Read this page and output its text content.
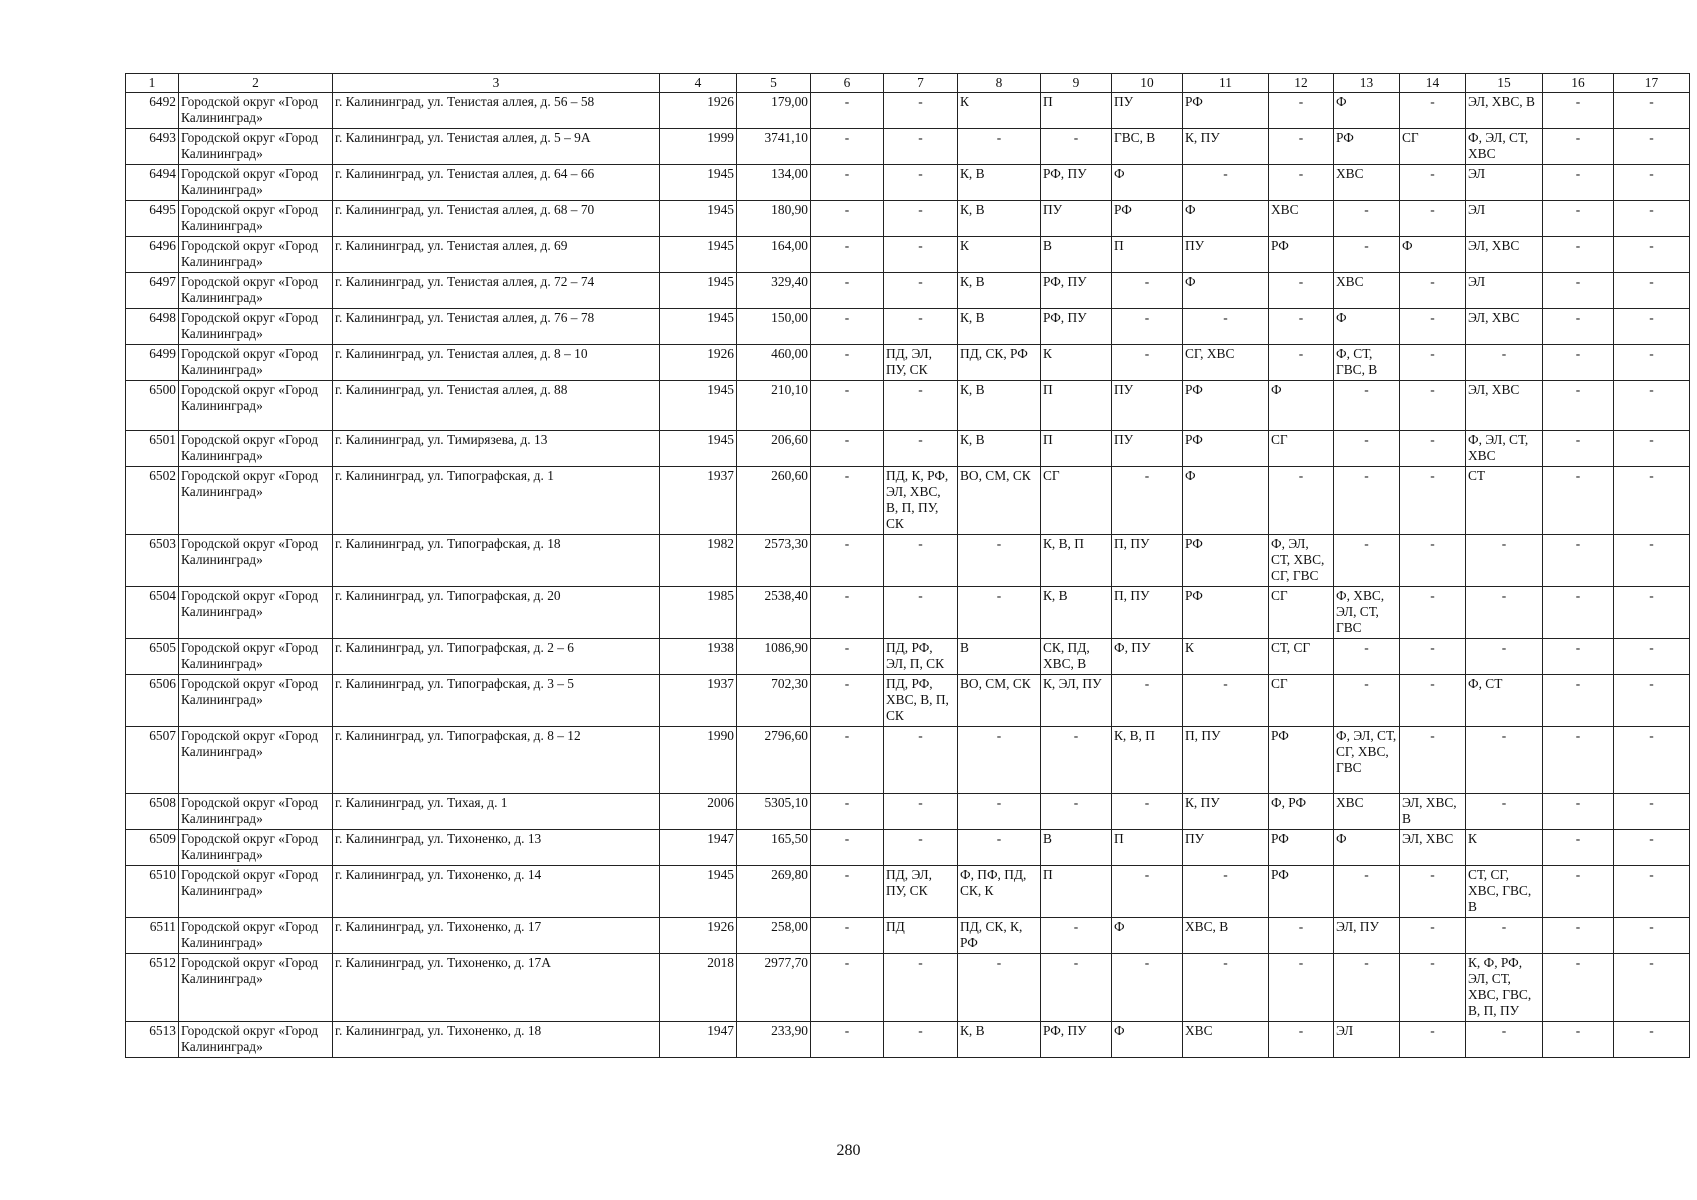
1	2	3	4	5	6	7	8	9	10	11	12	13	14	15	16	17
6492	Городской округ «Город Калининград»	г. Калининград, ул. Тенистая аллея, д. 56 – 58	1926	179,00	-	-	К	П	ПУ	РФ	-	Ф	-	ЭЛ, ХВС, В	-	-
6493	Городской округ «Город Калининград»	г. Калининград, ул. Тенистая аллея, д. 5 – 9А	1999	3741,10	-	-	-	-	ГВС, В	К, ПУ	-	РФ	СГ	Ф, ЭЛ, СТ, ХВС	-	-
6494	Городской округ «Город Калининград»	г. Калининград, ул. Тенистая аллея, д. 64 – 66	1945	134,00	-	-	К, В	РФ, ПУ	Ф	-	-	ХВС	-	ЭЛ	-	-
6495	Городской округ «Город Калининград»	г. Калининград, ул. Тенистая аллея, д. 68 – 70	1945	180,90	-	-	К, В	ПУ	РФ	Ф	ХВС	-	-	ЭЛ	-	-
6496	Городской округ «Город Калининград»	г. Калининград, ул. Тенистая аллея, д. 69	1945	164,00	-	-	К	В	П	ПУ	РФ	-	Ф	ЭЛ, ХВС	-	-
6497	Городской округ «Город Калининград»	г. Калининград, ул. Тенистая аллея, д. 72 – 74	1945	329,40	-	-	К, В	РФ, ПУ	-	Ф	-	ХВС	-	ЭЛ	-	-
6498	Городской округ «Город Калининград»	г. Калининград, ул. Тенистая аллея, д. 76 – 78	1945	150,00	-	-	К, В	РФ, ПУ	-	-	-	Ф	-	ЭЛ, ХВС	-	-
6499	Городской округ «Город Калининград»	г. Калининград, ул. Тенистая аллея, д. 8 – 10	1926	460,00	-	ПД, ЭЛ, ПУ, СК	ПД, СК, РФ	К	-	СГ, ХВС	-	Ф, СТ, ГВС, В	-	-	-	-
6500	Городской округ «Город Калининград»	г. Калининград, ул. Тенистая аллея, д. 88	1945	210,10	-	-	К, В	П	ПУ	РФ	Ф	-	-	ЭЛ, ХВС	-	-
6501	Городской округ «Город Калининград»	г. Калининград, ул. Тимирязева, д. 13	1945	206,60	-	-	К, В	П	ПУ	РФ	СГ	-	-	Ф, ЭЛ, СТ, ХВС	-	-
6502	Городской округ «Город Калининград»	г. Калининград, ул. Типографская, д. 1	1937	260,60	-	ПД, К, РФ, ЭЛ, ХВС, В, П, ПУ, СК	ВО, СМ, СК	СГ	-	Ф	-	-	-	СТ	-	-
6503	Городской округ «Город Калининград»	г. Калининград, ул. Типографская, д. 18	1982	2573,30	-	-	-	К, В, П	П, ПУ	РФ	Ф, ЭЛ, СТ, ХВС, СГ, ГВС	-	-	-	-	-
6504	Городской округ «Город Калининград»	г. Калининград, ул. Типографская, д. 20	1985	2538,40	-	-	-	К, В	П, ПУ	РФ	СГ	Ф, ХВС, ЭЛ, СТ, ГВС	-	-	-	-
6505	Городской округ «Город Калининград»	г. Калининград, ул. Типографская, д. 2 – 6	1938	1086,90	-	ПД, РФ, ЭЛ, П, СК	В	СК, ПД, ХВС, В	Ф, ПУ	К	СТ, СГ	-	-	-	-	-
6506	Городской округ «Город Калининград»	г. Калининград, ул. Типографская, д. 3 – 5	1937	702,30	-	ПД, РФ, ХВС, В, П, СК	ВО, СМ, СК	К, ЭЛ, ПУ	-	-	СГ	-	-	Ф, СТ	-	-
6507	Городской округ «Город Калининград»	г. Калининград, ул. Типографская, д. 8 – 12	1990	2796,60	-	-	-	-	К, В, П	П, ПУ	РФ	Ф, ЭЛ, СТ, СГ, ХВС, ГВС	-	-	-	-
6508	Городской округ «Город Калининград»	г. Калининград, ул. Тихая, д. 1	2006	5305,10	-	-	-	-	-	К, ПУ	Ф, РФ	ХВС	ЭЛ, ХВС, В	-	-	-
6509	Городской округ «Город Калининград»	г. Калининград, ул. Тихоненко, д. 13	1947	165,50	-	-	-	В	П	ПУ	РФ	Ф	ЭЛ, ХВС	К	-	-
6510	Городской округ «Город Калининград»	г. Калининград, ул. Тихоненко, д. 14	1945	269,80	-	ПД, ЭЛ, ПУ, СК	Ф, ПФ, ПД, СК, К	П	-	-	РФ	-	-	СТ, СГ, ХВС, ГВС, В	-	-
6511	Городской округ «Город Калининград»	г. Калининград, ул. Тихоненко, д. 17	1926	258,00	-	ПД	ПД, СК, К, РФ	-	Ф	ХВС, В	-	ЭЛ, ПУ	-	-	-	-
6512	Городской округ «Город Калининград»	г. Калининград, ул. Тихоненко, д. 17А	2018	2977,70	-	-	-	-	-	-	-	-	-	К, Ф, РФ, ЭЛ, СТ, ХВС, ГВС, В, П, ПУ	-	-
6513	Городской округ «Город Калининград»	г. Калининград, ул. Тихоненко, д. 18	1947	233,90	-	-	К, В	РФ, ПУ	Ф	ХВС	-	ЭЛ	-	-	-	-
280
